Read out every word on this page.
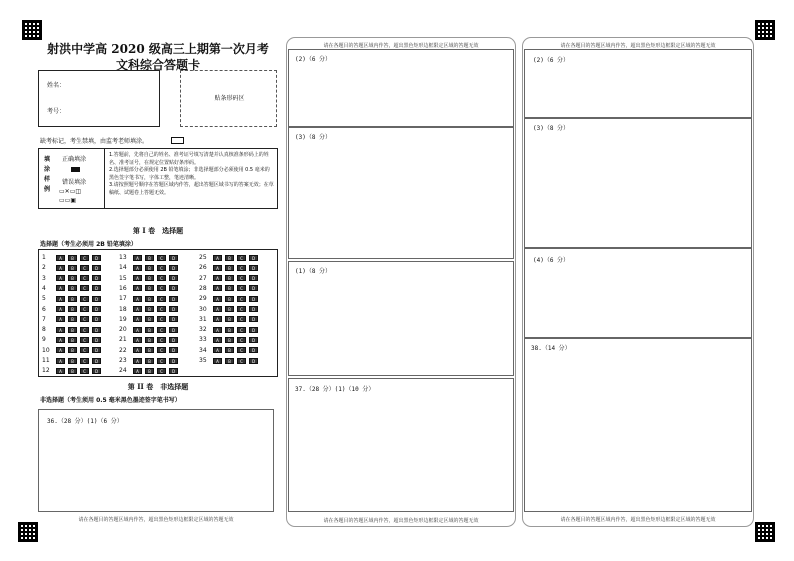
射洪中学高 2020 级高三上期第一次月考
文科综合答题卡
姓名：
考号：
贴条形码区
缺考标记，考生禁填，由监考老师填涂。
填
涂
样
例
正确填涂
错误填涂
▭✕▭◫
▭▭▣
1.答题前，先将自己的姓名、准考证号填写清楚并认真核准条形码上的姓名、准考证号，在规定位置贴好条形码。
2.选择题部分必须使用 2B 铅笔填涂；非选择题部分必须使用 0.5 毫米的黑色签字笔书写，字体工整，笔迹清晰。
3.请按照题号顺序在答题区域内作答，超出答题区域书写的答案无效；在草稿纸、试题卷上答题无效。
第 I 卷　选择题
选择题（考生必须用 2B 铅笔填涂）
1	A	B	C	D
2	A	B	C	D
3	A	B	C	D
4	A	B	C	D
5	A	B	C	D
6	A	B	C	D
7	A	B	C	D
8	A	B	C	D
9	A	B	C	D
10	A	B	C	D
11	A	B	C	D
12	A	B	C	D
13	A	B	C	D
14	A	B	C	D
15	A	B	C	D
16	A	B	C	D
17	A	B	C	D
18	A	B	C	D
19	A	B	C	D
20	A	B	C	D
21	A	B	C	D
22	A	B	C	D
23	A	B	C	D
24	A	B	C	D
25	A	B	C	D
26	A	B	C	D
27	A	B	C	D
28	A	B	C	D
29	A	B	C	D
30	A	B	C	D
31	A	B	C	D
32	A	B	C	D
33	A	B	C	D
34	A	B	C	D
35	A	B	C	D
第 II 卷　非选择题
非选择题（考生须用 0.5 毫米黑色墨迹签字笔书写）
36.（28 分）(1)（6 分）
请在各题目的答题区域内作答，超出黑色矩形边框限定区域的答题无效
请在各题目的答题区域内作答，超出黑色矩形边框限定区域的答题无效
(2)（6 分）
(3)（8 分）
(1)（8 分）
37.（28 分）(1)（10 分）
请在各题目的答题区域内作答，超出黑色矩形边框限定区域的答题无效
请在各题目的答题区域内作答，超出黑色矩形边框限定区域的答题无效
(2)（6 分）
(3)（8 分）
(4)（6 分）
38.（14 分）
请在各题目的答题区域内作答，超出黑色矩形边框限定区域的答题无效
